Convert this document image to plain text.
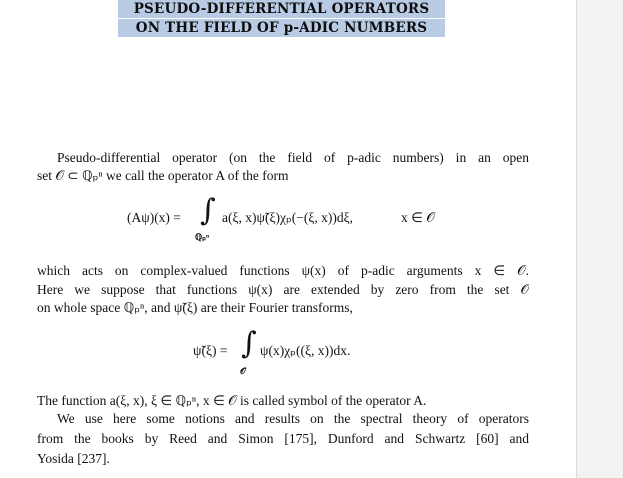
PSEUDO-DIFFERENTIAL OPERATORS
ON THE FIELD OF p-ADIC NUMBERS
Pseudo-differential operator (on the field of p-adic numbers) in an open
set 𝒪 ⊂ ℚₚⁿ we call the operator A of the form
(Aψ)(x) = ∫
ℚₚⁿ
a(ξ, x)ψ̃(ξ)χₚ(−(ξ, x))dξ,	x ∈ 𝒪
which acts on complex-valued functions ψ(x) of p-adic arguments x ∈ 𝒪.
Here we suppose that functions ψ(x) are extended by zero from the set 𝒪
on whole space ℚₚⁿ, and ψ̃(ξ) are their Fourier transforms,
ψ̃(ξ) = ∫
𝒪
ψ(x)χₚ((ξ, x))dx.
The function a(ξ, x), ξ ∈ ℚₚⁿ, x ∈ 𝒪 is called symbol of the operator A.
We use here some notions and results on the spectral theory of operators
from the books by Reed and Simon [175], Dunford and Schwartz [60] and
Yosida [237].
